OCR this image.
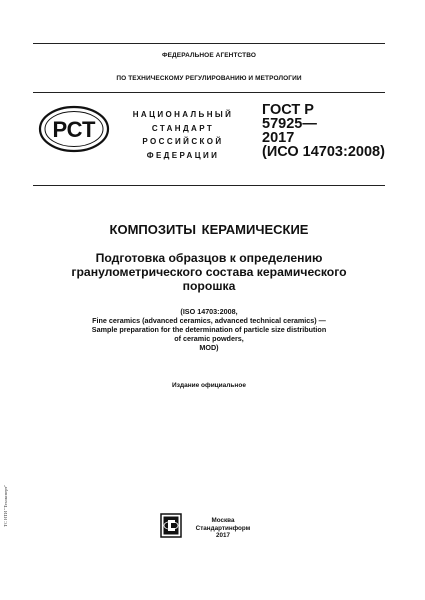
ФЕДЕРАЛЬНОЕ АГЕНТСТВО
ПО ТЕХНИЧЕСКОМУ РЕГУЛИРОВАНИЮ И МЕТРОЛОГИИ
РСТ
НАЦИОНАЛЬНЫЙ
СТАНДАРТ
РОССИЙСКОЙ
ФЕДЕРАЦИИ
ГОСТ Р
57925—
2017
(ИСО 14703:2008)
КОМПОЗИТЫ КЕРАМИЧЕСКИЕ
Подготовка образцов к определению
гранулометрического состава керамического
порошка
(ISO 14703:2008,
Fine ceramics (advanced ceramics, advanced technical ceramics) —
Sample preparation for the determination of particle size distribution
of ceramic powders,
MOD)
Издание официальное
Москва
Стандартинформ
2017
ТС НТИ "Техэксперт"
